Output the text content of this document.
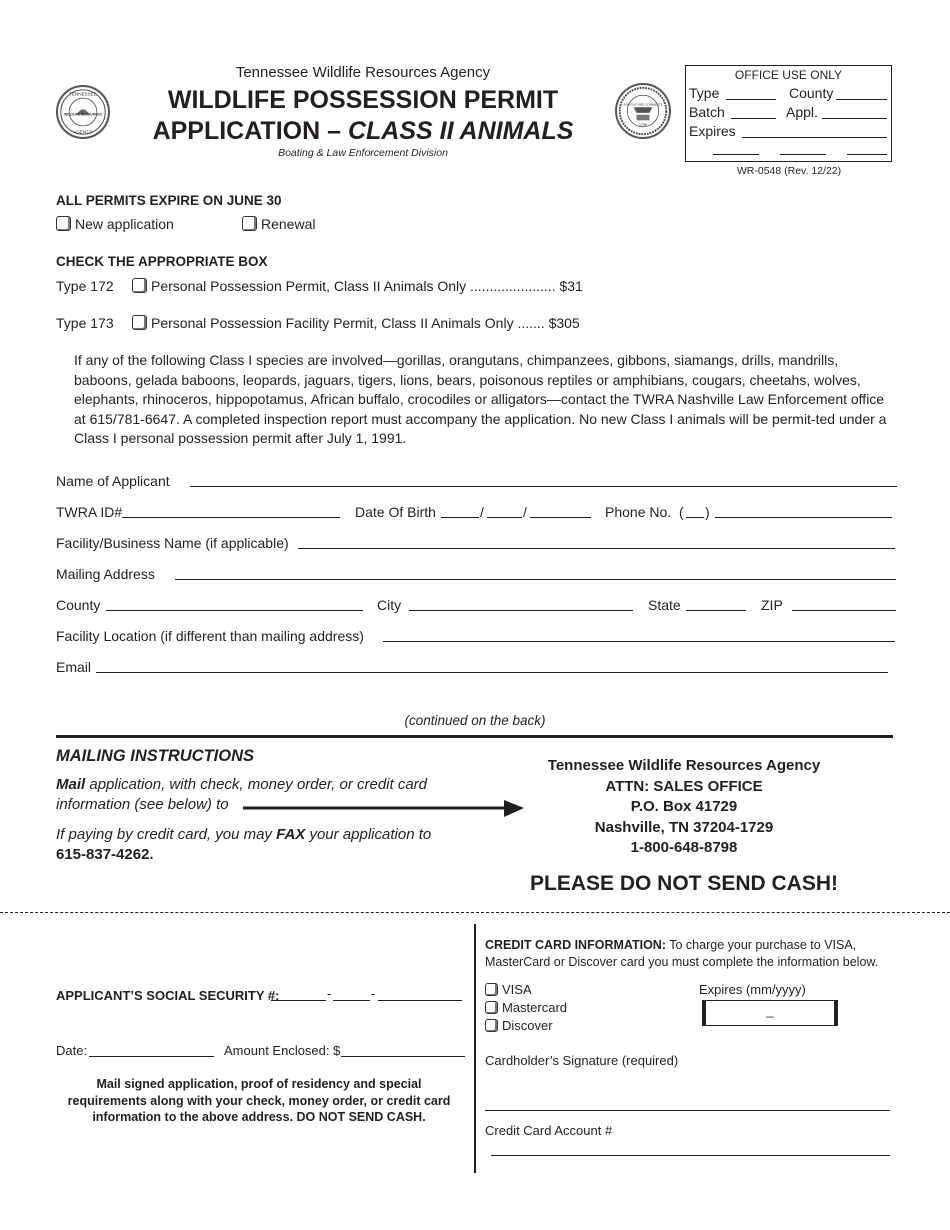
TENNESSEE
WILDLIFE RESOURCES
AGENCY
AGRICULTURE COMMERCE
1796
Tennessee Wildlife Resources Agency
WILDLIFE POSSESSION PERMIT
APPLICATION – CLASS II ANIMALS
Boating & Law Enforcement Division
OFFICE USE ONLY
Type	County
Batch	Appl.
Expires
WR-0548 (Rev. 12/22)
ALL PERMITS EXPIRE ON JUNE 30
New application	Renewal
CHECK THE APPROPRIATE BOX
Type 172	Personal Possession Permit, Class II Animals Only ...................... $31
Type 173	Personal Possession Facility Permit, Class II Animals Only ....... $305
If any of the following Class I species are involved—gorillas, orangutans, chimpanzees, gibbons, siamangs, drills, mandrills, baboons, gelada baboons, leopards, jaguars, tigers, lions, bears, poisonous reptiles or amphibians, cougars, cheetahs, wolves, elephants, rhinoceros, hippopotamus, African buffalo, crocodiles or alligators—contact the TWRA Nashville Law Enforcement office at 615/781-6647. A completed inspection report must accompany the application. No new Class I animals will be permit-ted under a Class I personal possession permit after July 1, 1991.
Name of Applicant
TWRA ID#	Date Of Birth	/	/	Phone No. ( )
Facility/Business Name (if applicable)
Mailing Address
County	City	State	ZIP
Facility Location (if different than mailing address)
Email
(continued on the back)
MAILING INSTRUCTIONS
Mail application, with check, money order, or credit card information (see below) to
If paying by credit card, you may FAX your application to
615-837-4262.
Tennessee Wildlife Resources Agency
ATTN: SALES OFFICE
P.O. Box 41729
Nashville, TN 37204-1729
1-800-648-8798
PLEASE DO NOT SEND CASH!
APPLICANT’S SOCIAL SECURITY #:	-	-
Date:	Amount Enclosed: $
Mail signed application, proof of residency and special requirements along with your check, money order, or credit card information to the above address. DO NOT SEND CASH.
CREDIT CARD INFORMATION: To charge your purchase to VISA, MasterCard or Discover card you must complete the information below.
VISA
Mastercard
Discover
Expires (mm/yyyy)
_
Cardholder’s Signature (required)
Credit Card Account #
